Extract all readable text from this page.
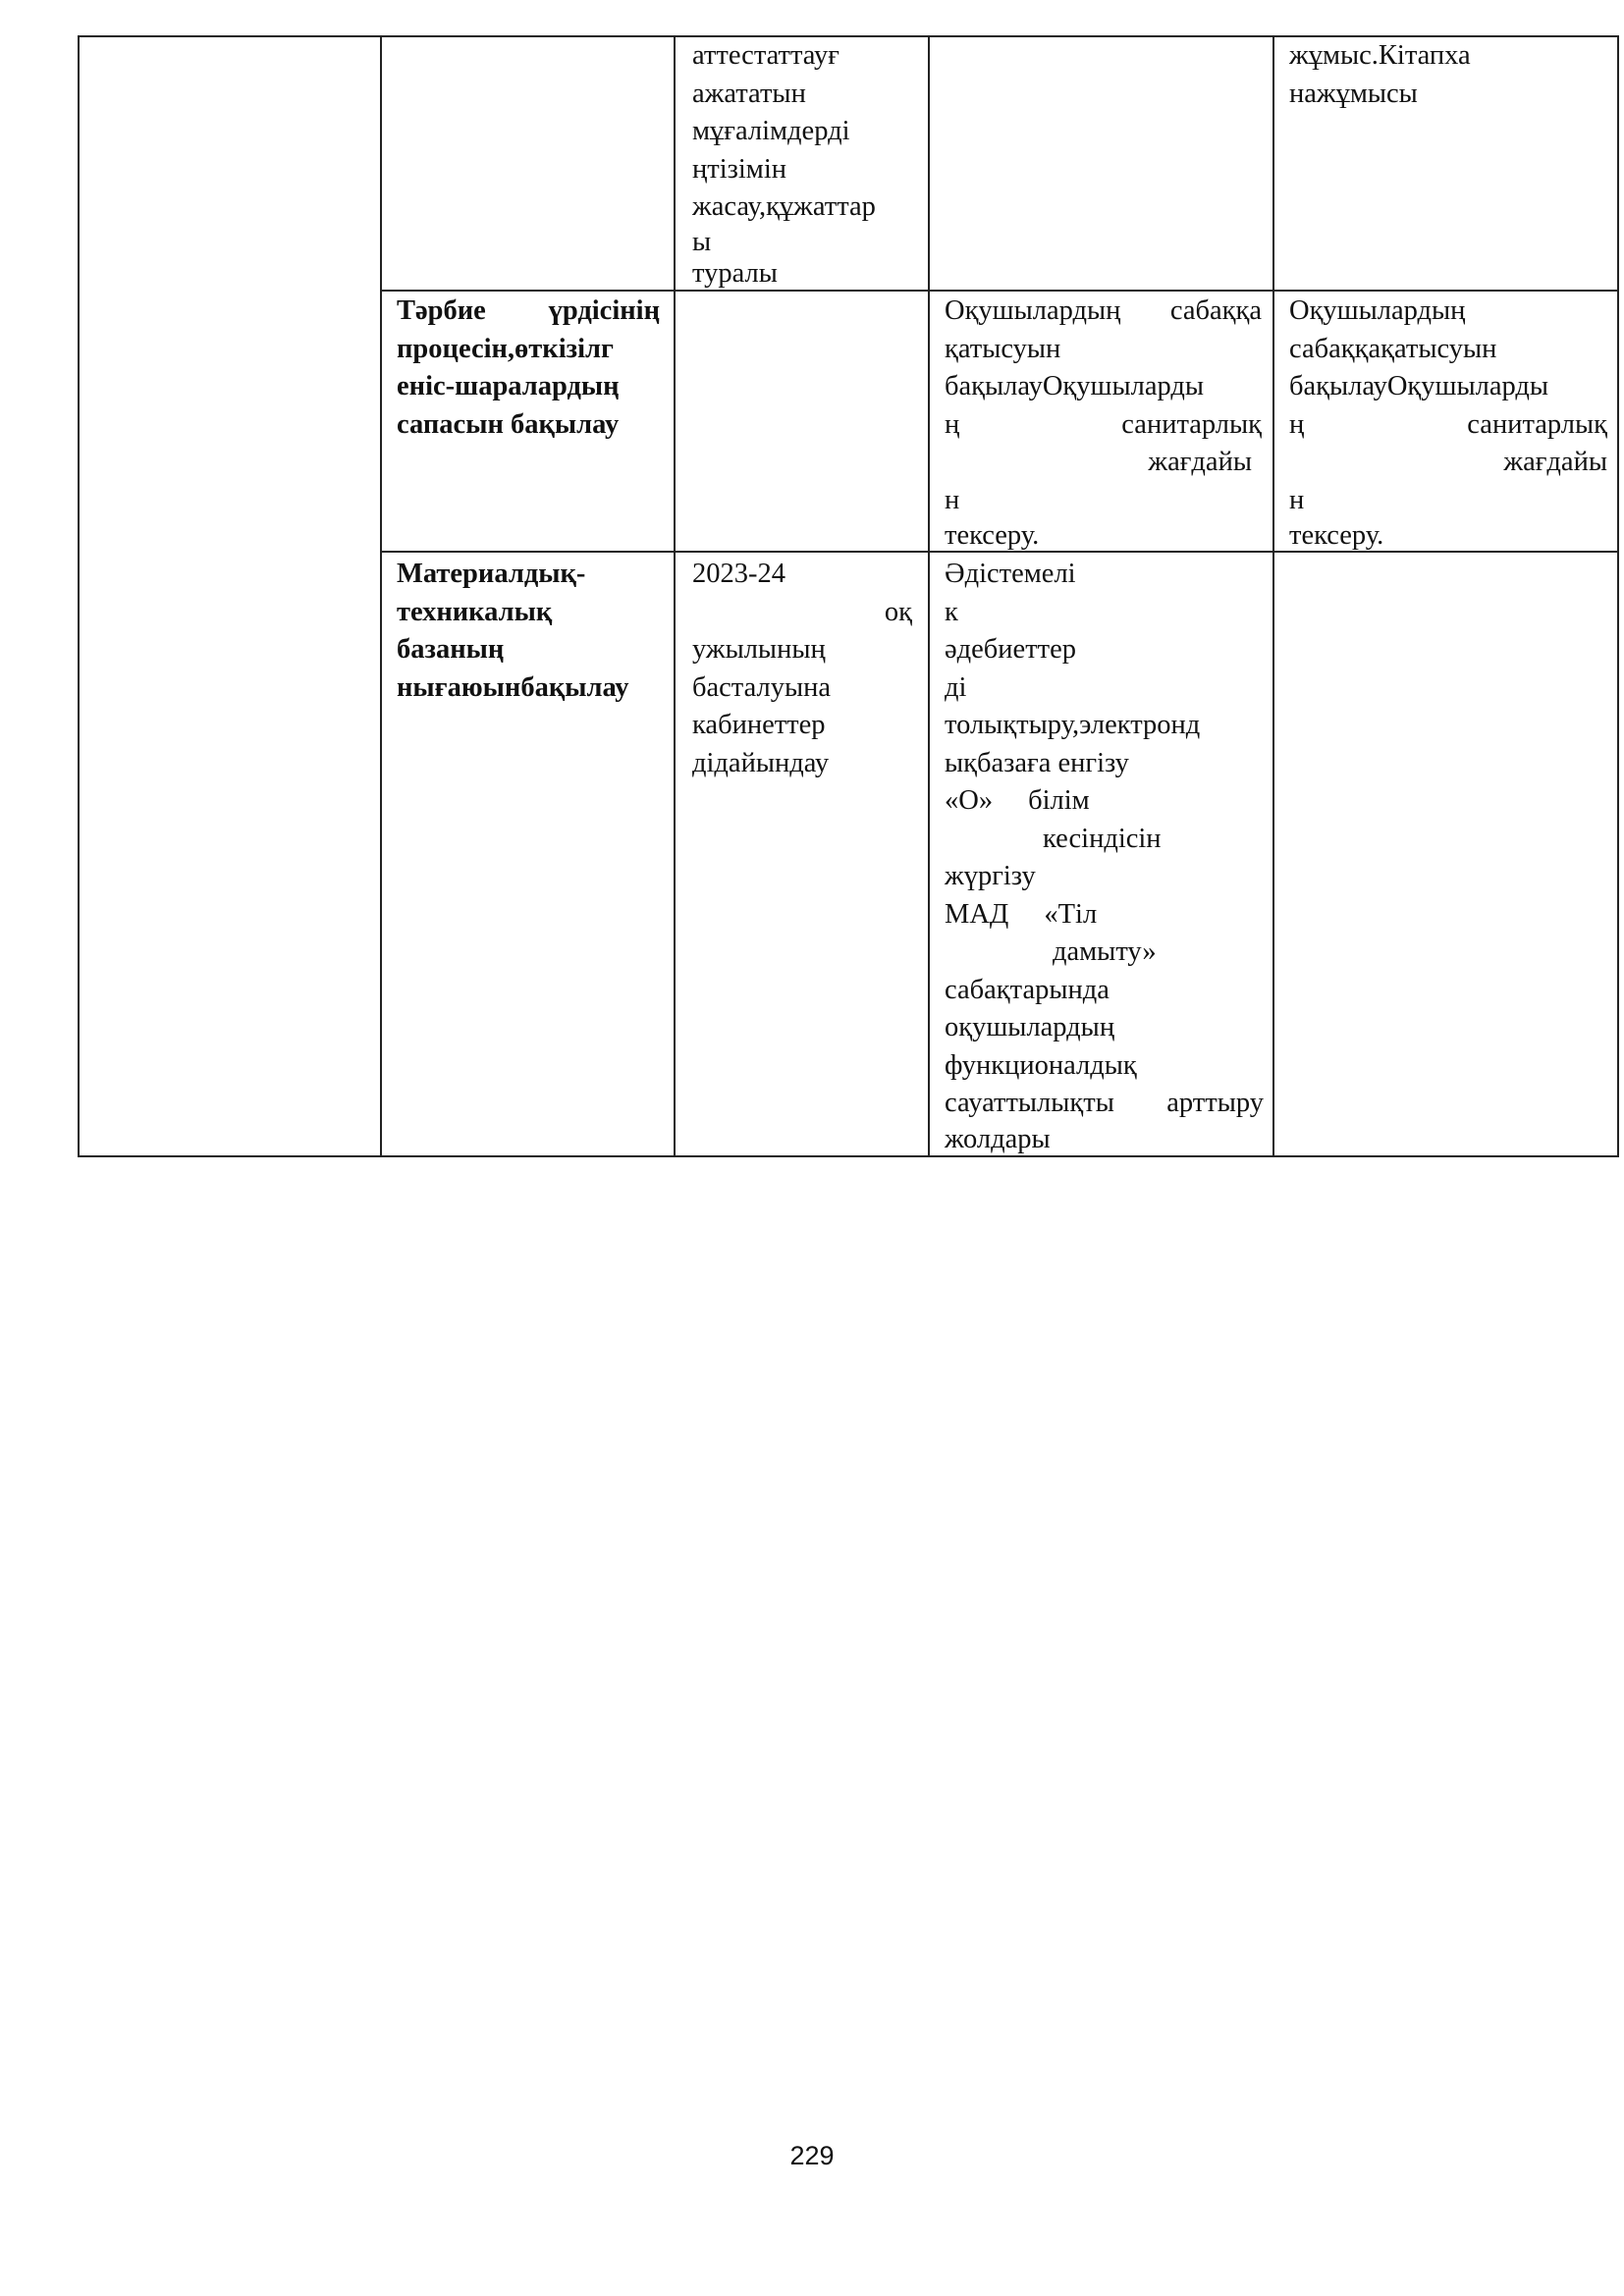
аттестаттауғ
ажататын
мұғалімдерді
ңтізімін
жасау,құжаттар
ы
туралы
жұмыс.Кітапха
нажұмысы
Тәрбие үрдісінің
процесін,өткізілг
еніс-шаралардың
сапасын бақылау
Оқушылардың сабаққа
қатысуын
бақылауОқушыларды
ң	санитарлық
жағдайы
н
тексеру.
Оқушылардың
сабаққақатысуын
бақылауОқушыларды
ң	санитарлық
жағдайы
н
тексеру.
Материалдық-
техникалық
базаның
нығаюынбақылау
2023-24
оқ
ужылының
басталуына
кабинеттер
дідайындау
Әдістемелі
к
әдебиеттер
ді
толықтыру,электронд
ықбазаға енгізу
«О» білім
кесіндісін
жүргізу
МАД «Тіл
дамыту»
сабақтарында
оқушылардың
функционалдық
сауаттылықты арттыру
жолдары
229
